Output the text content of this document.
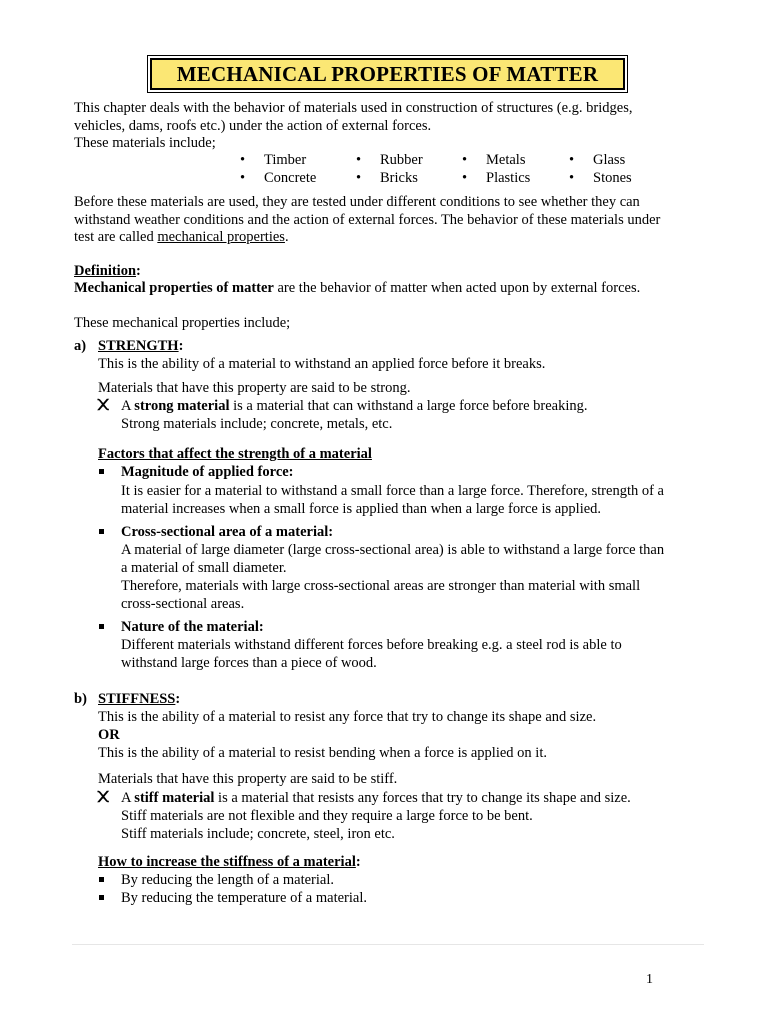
MECHANICAL PROPERTIES OF MATTER
This chapter deals with the behavior of materials used in construction of structures (e.g. bridges,
vehicles, dams, roofs etc.) under the action of external forces.
These materials include;
• Timber
• Concrete
• Rubber
• Bricks
• Metals
• Plastics
• Glass
• Stones
Before these materials are used, they are tested under different conditions to see whether they can
withstand weather conditions and the action of external forces. The behavior of these materials under
test are called mechanical properties.
Definition:
Mechanical properties of matter are the behavior of matter when acted upon by external forces.
These mechanical properties include;
a) STRENGTH:
This is the ability of a material to withstand an applied force before it breaks.
Materials that have this property are said to be strong.
᙭ A strong material is a material that can withstand a large force before breaking.
Strong materials include; concrete, metals, etc.
Factors that affect the strength of a material
Magnitude of applied force:
It is easier for a material to withstand a small force than a large force. Therefore, strength of a
material increases when a small force is applied than when a large force is applied.
Cross-sectional area of a material:
A material of large diameter (large cross-sectional area) is able to withstand a large force than
a material of small diameter.
Therefore, materials with large cross-sectional areas are stronger than material with small
cross-sectional areas.
Nature of the material:
Different materials withstand different forces before breaking e.g. a steel rod is able to
withstand large forces than a piece of wood.
b) STIFFNESS:
This is the ability of a material to resist any force that try to change its shape and size.
OR
This is the ability of a material to resist bending when a force is applied on it.
Materials that have this property are said to be stiff.
᙭ A stiff material is a material that resists any forces that try to change its shape and size.
Stiff materials are not flexible and they require a large force to be bent.
Stiff materials include; concrete, steel, iron etc.
How to increase the stiffness of a material:
By reducing the length of a material.
By reducing the temperature of a material.
1
